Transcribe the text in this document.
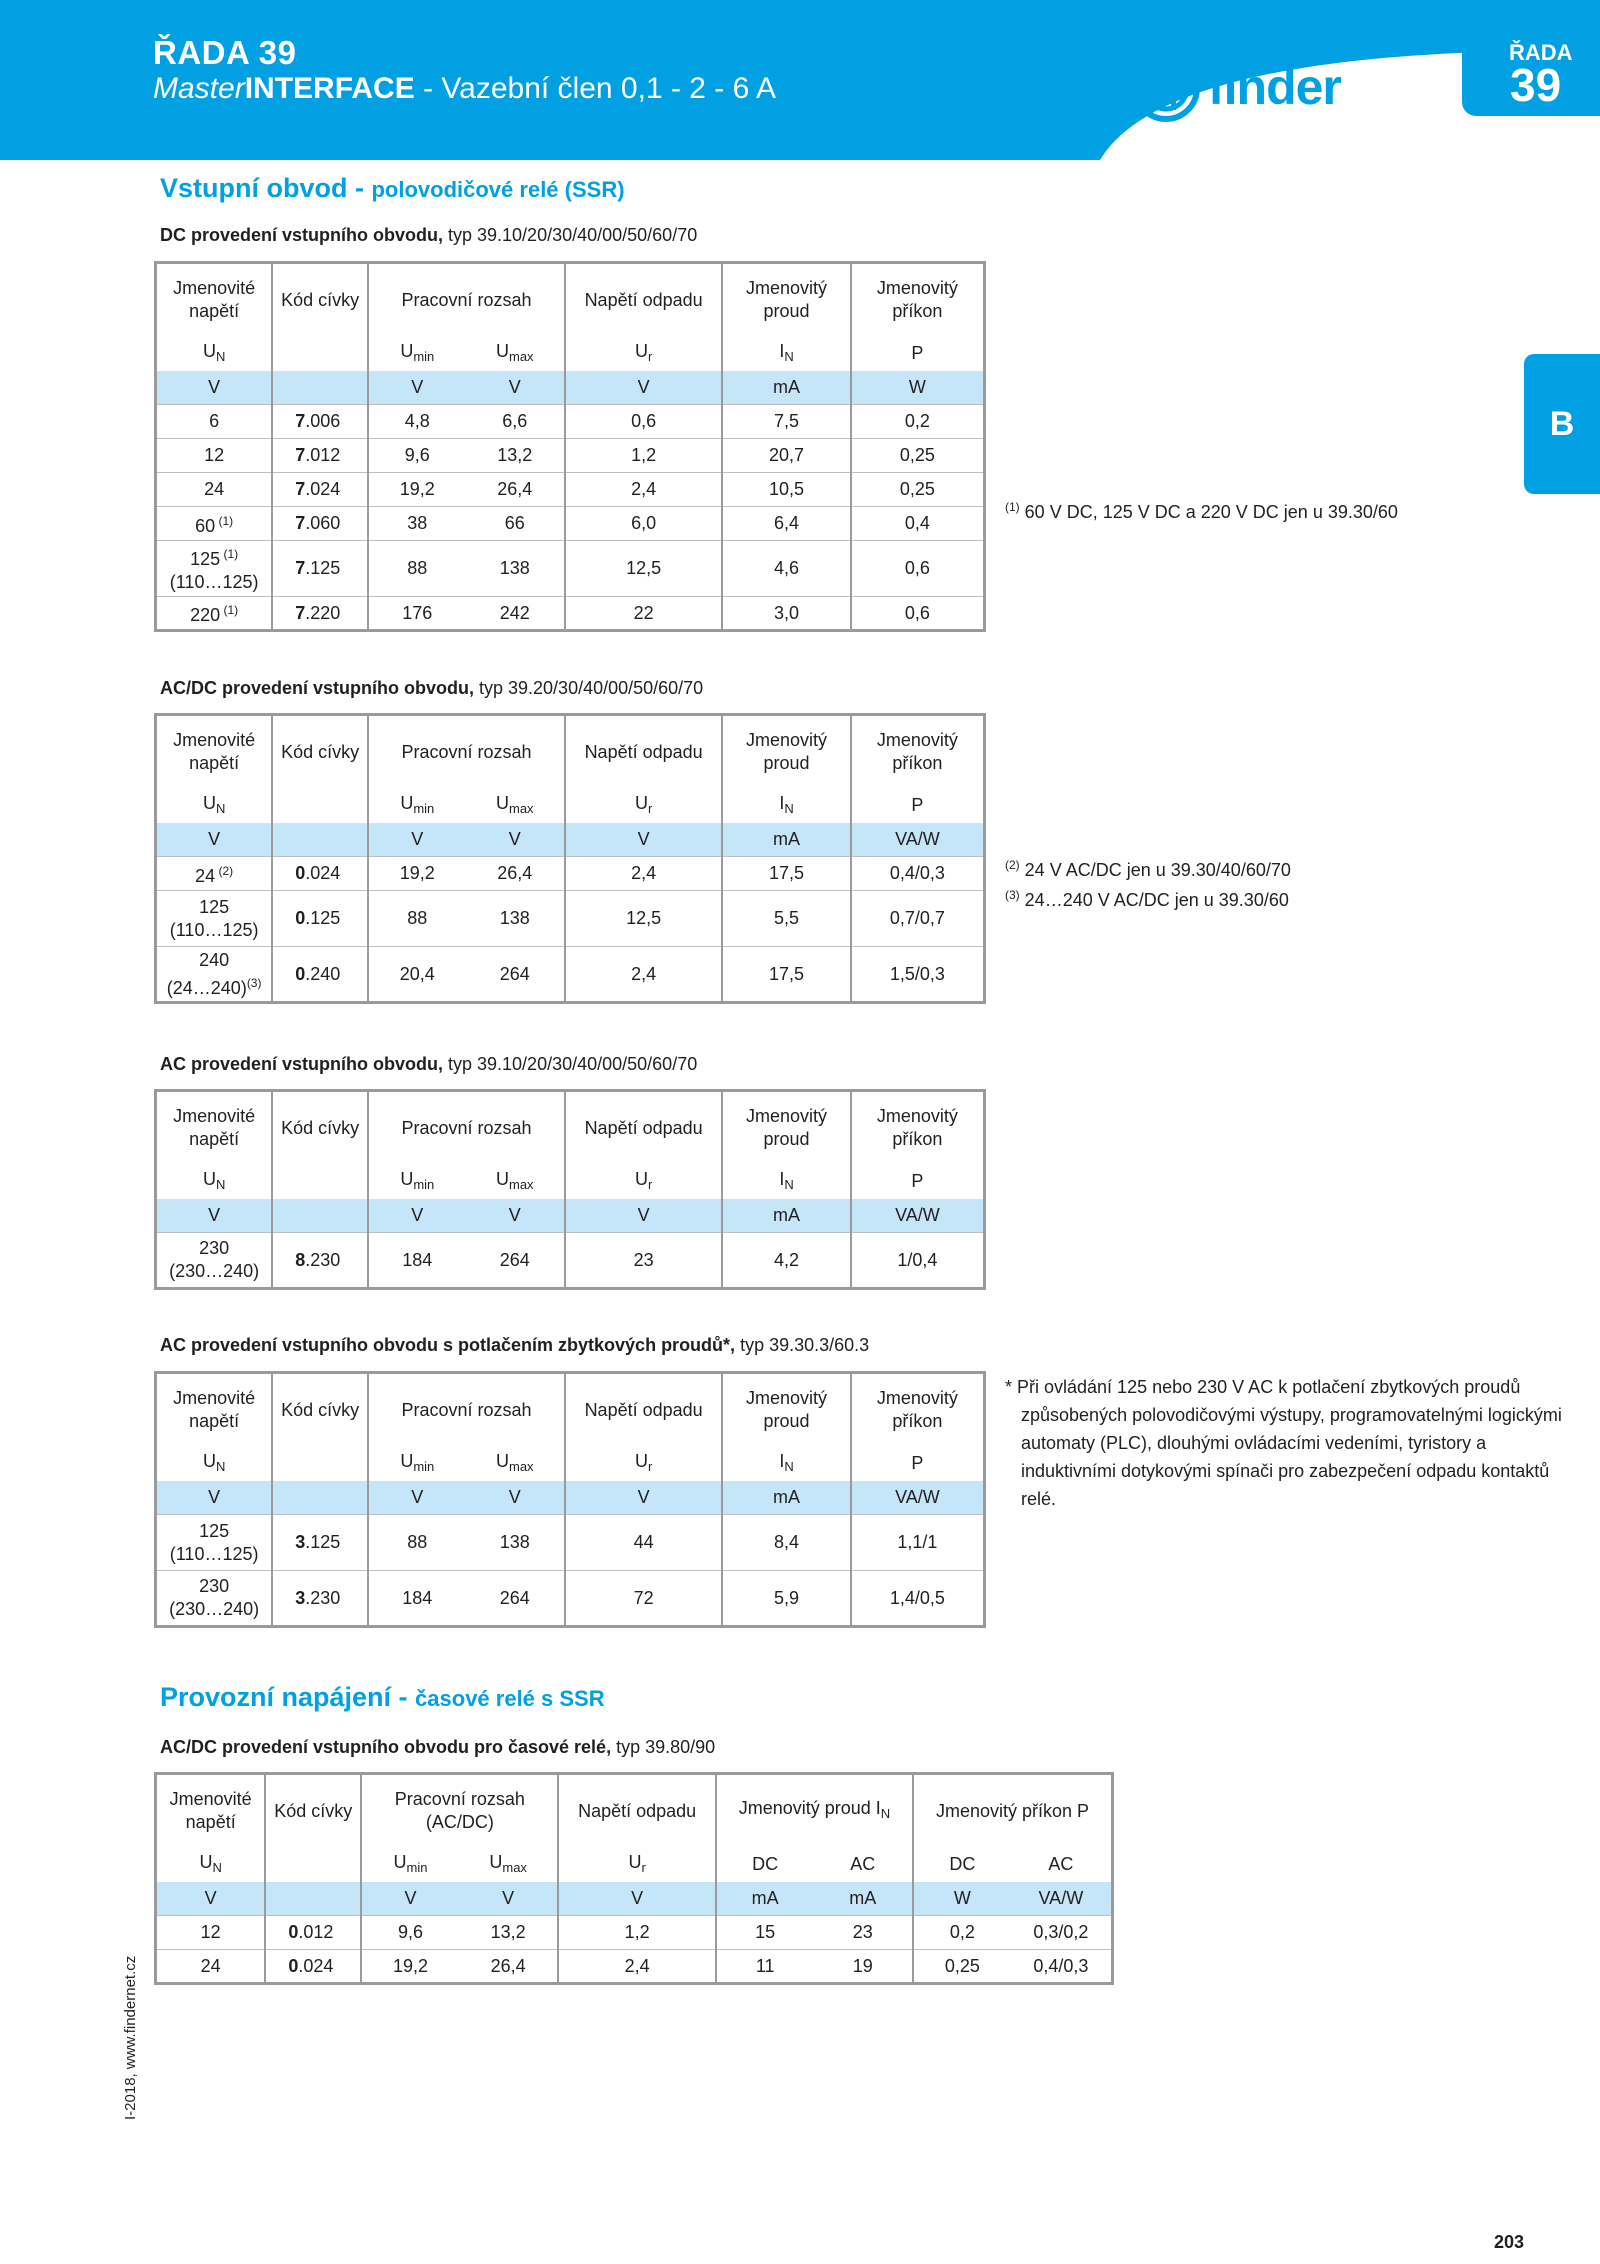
ŘADA 39
MasterINTERFACE - Vazební člen 0,1 - 2 - 6 A	finder
ŘADA
39
B
Vstupní obvod - polovodičové relé (SSR)
DC provedení vstupního obvodu, typ 39.10/20/30/40/00/50/60/70
Jmenovité napětí	Kód cívky	Pracovní rozsah		Napětí odpadu	Jmenovitý proud	Jmenovitý příkon
$U_N$		$U_{min}$	$U_{max}$	$U_r$	$I_N$	P
V		V	V	V	mA	W
6	7.006	4,8	6,6	0,6	7,5	0,2
12	7.012	9,6	13,2	1,2	20,7	0,25
24	7.024	19,2	26,4	2,4	10,5	0,25
60 $^{(1)}$	7.060	38	66	6,0	6,4	0,4
125 $^{(1)}$
(110…125)	7.125	88	138	12,5	4,6	0,6
220 $^{(1)}$	7.220	176	242	22	3,0	0,6
$^{(1)}$ 60 V DC, 125 V DC a 220 V DC jen u 39.30/60
AC/DC provedení vstupního obvodu, typ 39.20/30/40/00/50/60/70
Jmenovité napětí	Kód cívky	Pracovní rozsah		Napětí odpadu	Jmenovitý proud	Jmenovitý příkon
$U_N$		$U_{min}$	$U_{max}$	$U_r$	$I_N$	P
V		V	V	V	mA	VA/W
24 $^{(2)}$	0.024	19,2	26,4	2,4	17,5	0,4/0,3
125
(110…125)	0.125	88	138	12,5	5,5	0,7/0,7
240
(24…240)$^{(3)}$	0.240	20,4	264	2,4	17,5	1,5/0,3
$^{(2)}$ 24 V AC/DC jen u 39.30/40/60/70
$^{(3)}$ 24…240 V AC/DC jen u 39.30/60
AC provedení vstupního obvodu, typ 39.10/20/30/40/00/50/60/70
Jmenovité napětí	Kód cívky	Pracovní rozsah		Napětí odpadu	Jmenovitý proud	Jmenovitý příkon
$U_N$		$U_{min}$	$U_{max}$	$U_r$	$I_N$	P
V		V	V	V	mA	VA/W
230
(230…240)	8.230	184	264	23	4,2	1/0,4
AC provedení vstupního obvodu s potlačením zbytkových proudů*, typ 39.30.3/60.3
Jmenovité napětí	Kód cívky	Pracovní rozsah		Napětí odpadu	Jmenovitý proud	Jmenovitý příkon
$U_N$		$U_{min}$	$U_{max}$	$U_r$	$I_N$	P
V		V	V	V	mA	VA/W
125
(110…125)	3.125	88	138	44	8,4	1,1/1
230
(230…240)	3.230	184	264	72	5,9	1,4/0,5
* Při ovládání 125 nebo 230 V AC k potlačení zbytkových proudů způsobených polovodičovými výstupy, programovatelnými logickými automaty (PLC), dlouhými ovládacími vedeními, tyristory a induktivními dotykovými spínači pro zabezpečení odpadu kontaktů relé.
Provozní napájení - časové relé s SSR
AC/DC provedení vstupního obvodu pro časové relé, typ 39.80/90
Jmenovité napětí	Kód cívky	Pracovní rozsah (AC/DC)		Napětí odpadu	Jmenovitý proud $I_N$		Jmenovitý příkon P	
$U_N$		$U_{min}$	$U_{max}$	$U_r$	DC	AC	DC	AC
V		V	V	V	mA	mA	W	VA/W
12	0.012	9,6	13,2	1,2	15	23	0,2	0,3/0,2
24	0.024	19,2	26,4	2,4	11	19	0,25	0,4/0,3
I-2018, www.findernet.cz
203
